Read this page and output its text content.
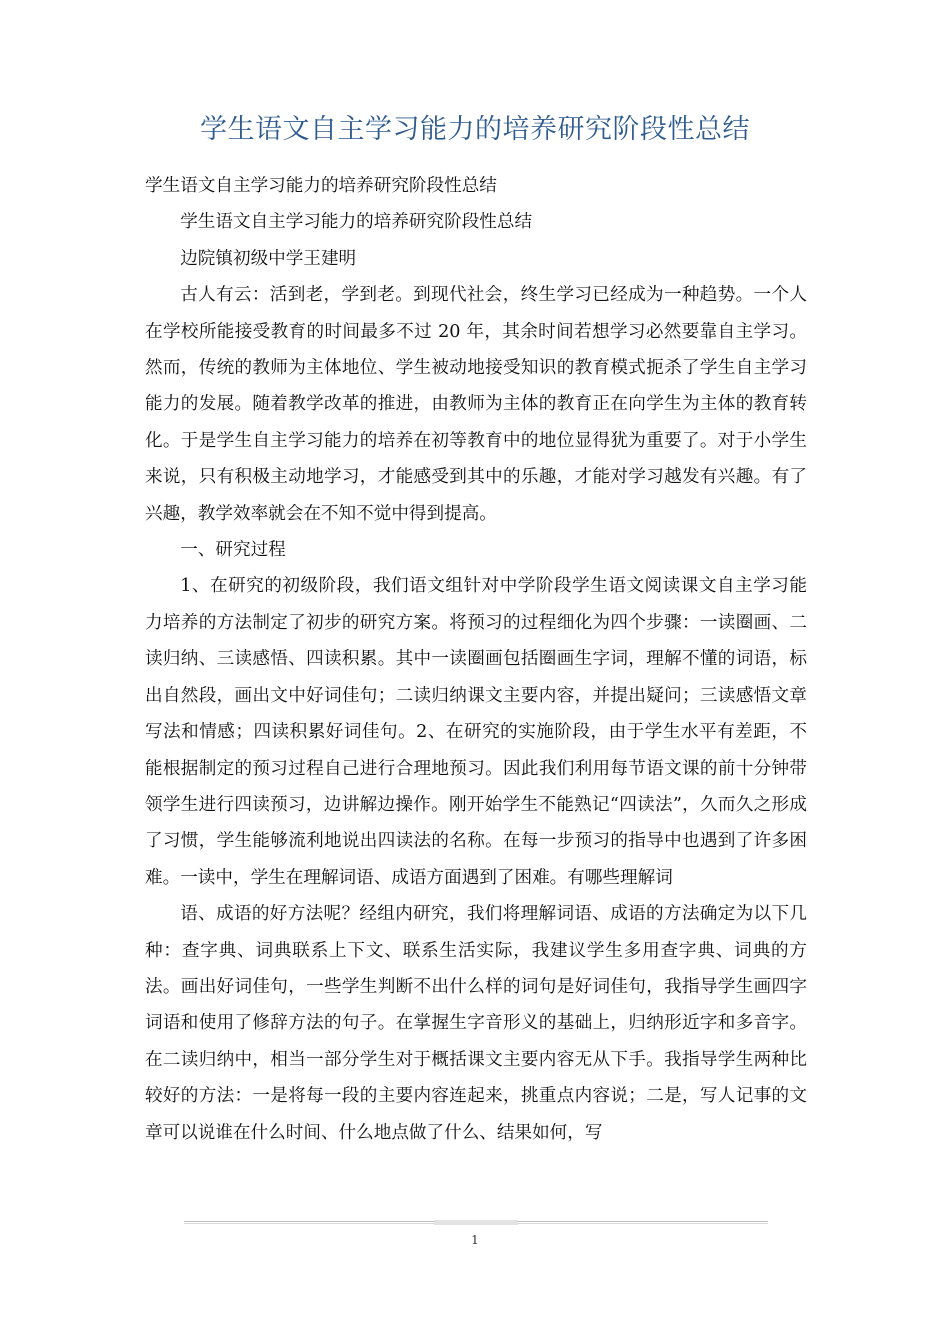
学生语文自主学习能力的培养研究阶段性总结

学生语文自主学习能力的培养研究阶段性总结

学生语文自主学习能力的培养研究阶段性总结

边院镇初级中学王建明

古人有云：活到老，学到老。到现代社会，终生学习已经成为一种趋势。一个人在学校所能接受教育的时间最多不过 20 年，其余时间若想学习必然要靠自主学习。然而，传统的教师为主体地位、学生被动地接受知识的教育模式扼杀了学生自主学习能力的发展。随着教学改革的推进，由教师为主体的教育正在向学生为主体的教育转化。于是学生自主学习能力的培养在初等教育中的地位显得犹为重要了。对于小学生来说，只有积极主动地学习，才能感受到其中的乐趣，才能对学习越发有兴趣。有了兴趣，教学效率就会在不知不觉中得到提高。

一、研究过程

1、在研究的初级阶段，我们语文组针对中学阶段学生语文阅读课文自主学习能力培养的方法制定了初步的研究方案。将预习的过程细化为四个步骤：一读圈画、二读归纳、三读感悟、四读积累。其中一读圈画包括圈画生字词，理解不懂的词语，标出自然段，画出文中好词佳句；二读归纳课文主要内容，并提出疑问；三读感悟文章写法和情感；四读积累好词佳句。2、在研究的实施阶段，由于学生水平有差距，不能根据制定的预习过程自己进行合理地预习。因此我们利用每节语文课的前十分钟带领学生进行四读预习，边讲解边操作。刚开始学生不能熟记“四读法”，久而久之形成了习惯，学生能够流利地说出四读法的名称。在每一步预习的指导中也遇到了许多困难。一读中，学生在理解词语、成语方面遇到了困难。有哪些理解词

语、成语的好方法呢？经组内研究，我们将理解词语、成语的方法确定为以下几种：查字典、词典联系上下文、联系生活实际，我建议学生多用查字典、词典的方法。画出好词佳句，一些学生判断不出什么样的词句是好词佳句，我指导学生画四字词语和使用了修辞方法的句子。在掌握生字音形义的基础上，归纳形近字和多音字。在二读归纳中，相当一部分学生对于概括课文主要内容无从下手。我指导学生两种比较好的方法：一是将每一段的主要内容连起来，挑重点内容说；二是，写人记事的文章可以说谁在什么时间、什么地点做了什么、结果如何，写

1
